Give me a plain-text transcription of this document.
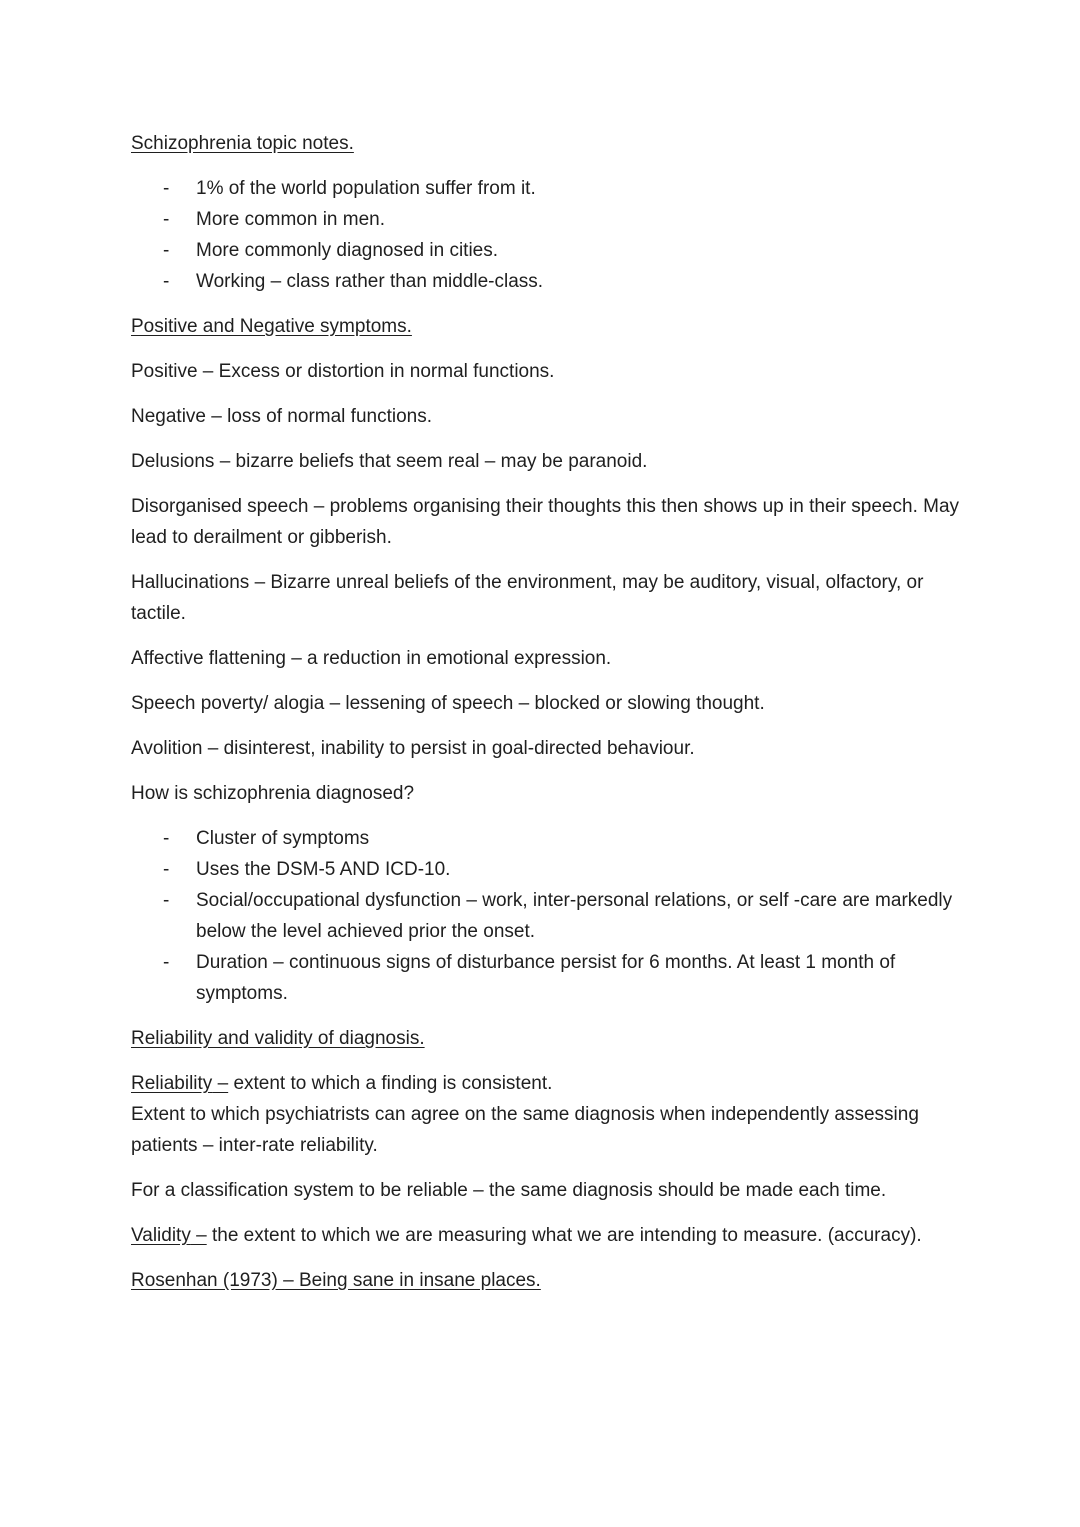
Schizophrenia topic notes.
- 1% of the world population suffer from it.
- More common in men.
- More commonly diagnosed in cities.
- Working – class rather than middle-class.
Positive and Negative symptoms.
Positive – Excess or distortion in normal functions.
Negative – loss of normal functions.
Delusions – bizarre beliefs that seem real – may be paranoid.
Disorganised speech – problems organising their thoughts this then shows up in their speech. May lead to derailment or gibberish.
Hallucinations – Bizarre unreal beliefs of the environment, may be auditory, visual, olfactory, or tactile.
Affective flattening – a reduction in emotional expression.
Speech poverty/ alogia – lessening of speech – blocked or slowing thought.
Avolition – disinterest, inability to persist in goal-directed behaviour.
How is schizophrenia diagnosed?
- Cluster of symptoms
- Uses the DSM-5 AND ICD-10.
- Social/occupational dysfunction – work, inter-personal relations, or self -care are markedly below the level achieved prior the onset.
- Duration – continuous signs of disturbance persist for 6 months. At least 1 month of symptoms.
Reliability and validity of diagnosis.
Reliability – extent to which a finding is consistent.
Extent to which psychiatrists can agree on the same diagnosis when independently assessing patients – inter-rate reliability.
For a classification system to be reliable – the same diagnosis should be made each time.
Validity – the extent to which we are measuring what we are intending to measure. (accuracy).
Rosenhan (1973) – Being sane in insane places.
